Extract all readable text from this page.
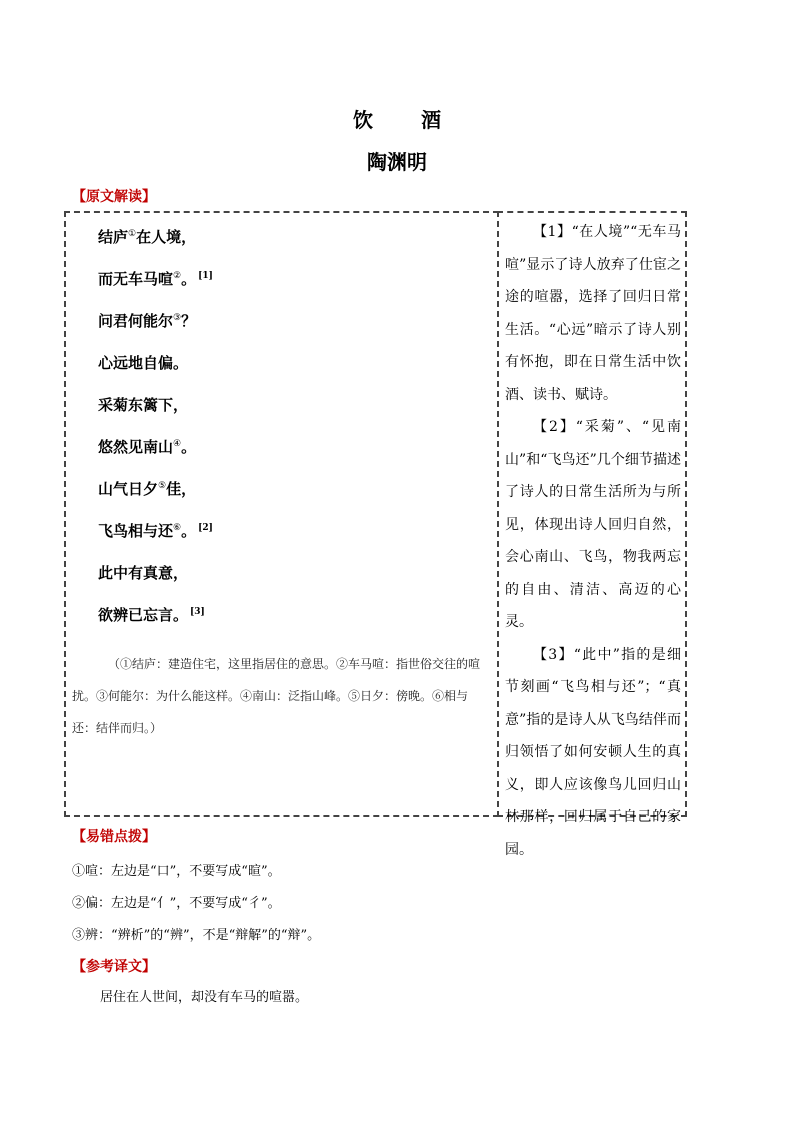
饮　酒
陶渊明
【原文解读】
结庐①在人境，
而无车马喧②。 [1]
问君何能尔③？
心远地自偏。
采菊东篱下，
悠然见南山④。
山气日夕⑤佳，
飞鸟相与还⑥。 [2]
此中有真意，
欲辨已忘言。 [3]
（①结庐：建造住宅，这里指居住的意思。②车马喧：指世俗交往的喧扰。③何能尔：为什么能这样。④南山：泛指山峰。⑤日夕：傍晚。⑥相与还：结伴而归。）

【1】“在人境”“无车马喧”显示了诗人放弃了仕宦之途的喧嚣，选择了回归日常生活。“心远”暗示了诗人别有怀抱，即在日常生活中饮酒、读书、赋诗。

【2】“采菊”、“见南山”和“飞鸟还”几个细节描述了诗人的日常生活所为与所见，体现出诗人回归自然，会心南山、飞鸟，物我两忘的自由、清洁、高迈的心灵。

【3】“此中”指的是细节刻画“飞鸟相与还”；“真意”指的是诗人从飞鸟结伴而归领悟了如何安顿人生的真义，即人应该像鸟儿回归山林那样，回归属于自己的家园。

【易错点拨】
①喧：左边是“口”，不要写成“暄”。
②偏：左边是“亻”，不要写成“彳”。
③辨：“辨析”的“辨”，不是“辩解”的“辩”。
【参考译文】
居住在人世间，却没有车马的喧嚣。
